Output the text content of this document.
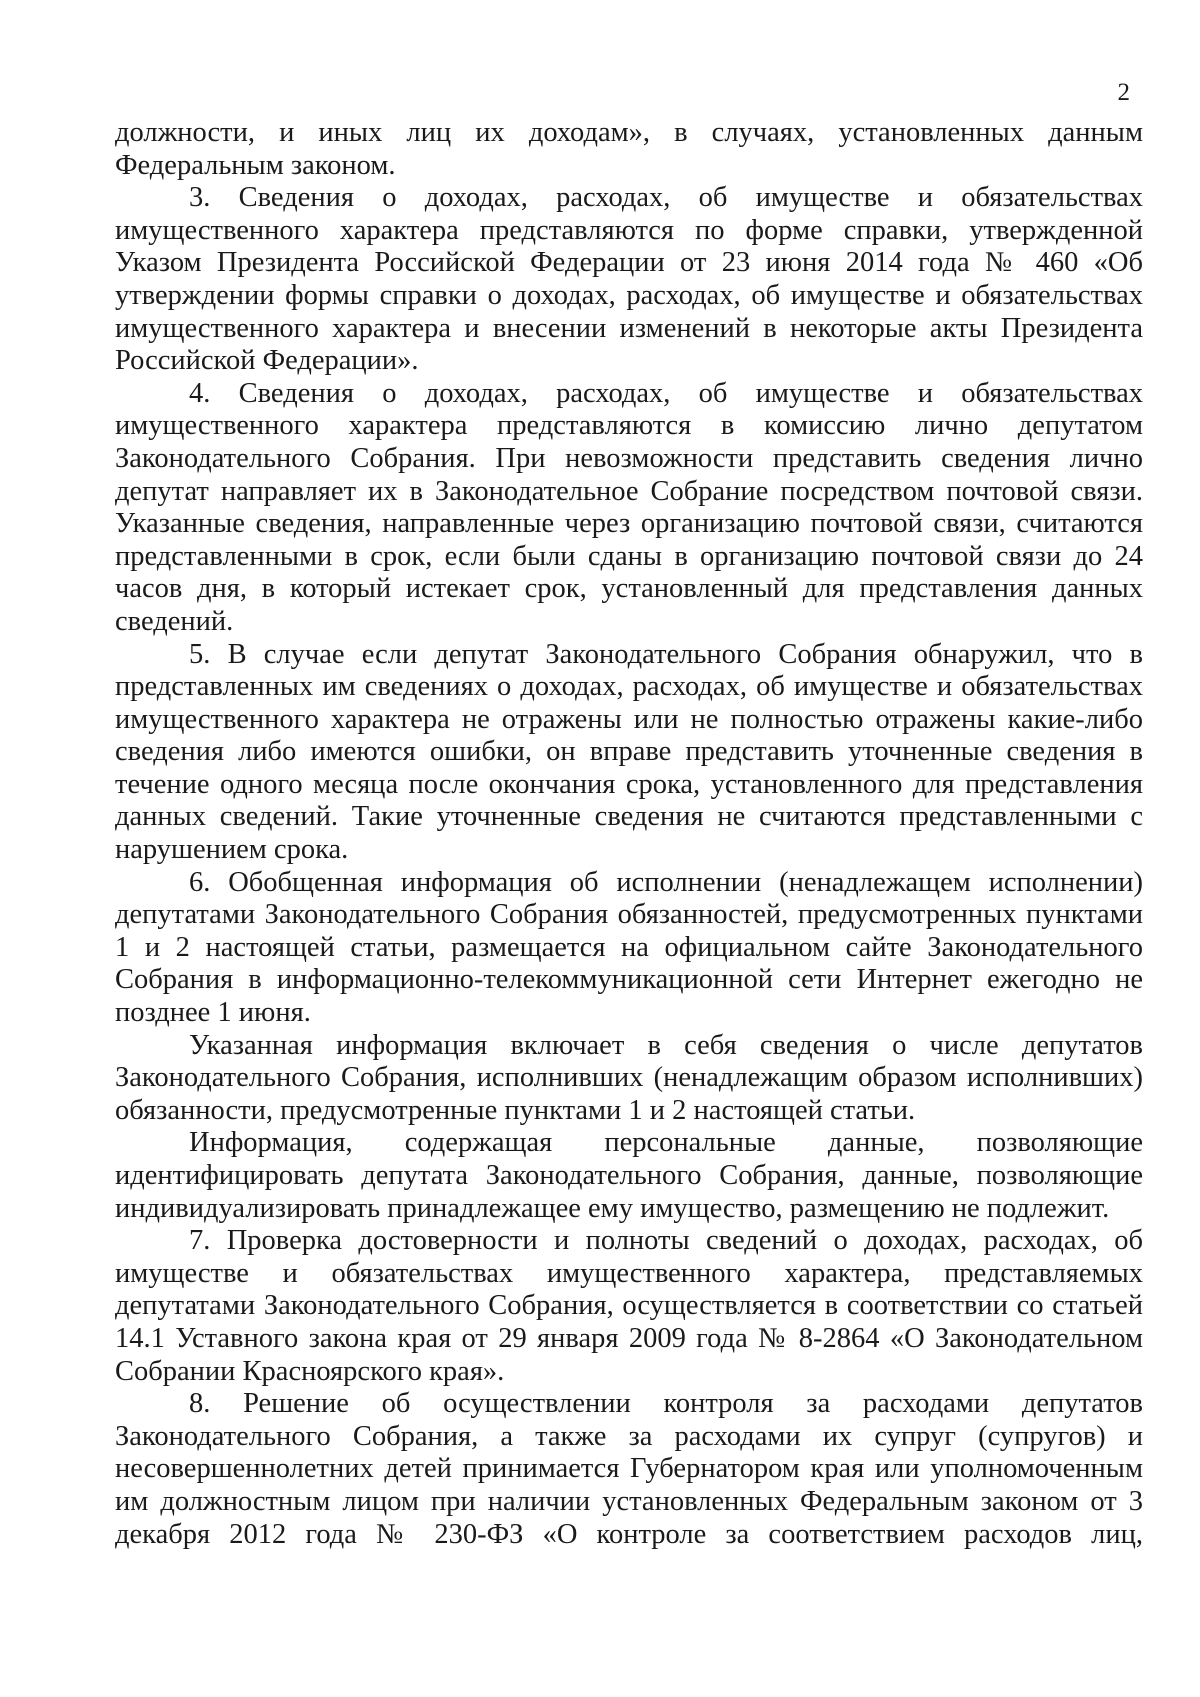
2

должности, и иных лиц их доходам», в случаях, установленных данным Федеральным законом.

3. Сведения о доходах, расходах, об имуществе и обязательствах имущественного характера представляются по форме справки, утвержденной Указом Президента Российской Федерации от 23 июня 2014 года № 460 «Об утверждении формы справки о доходах, расходах, об имуществе и обязательствах имущественного характера и внесении изменений в некоторые акты Президента Российской Федерации».

4. Сведения о доходах, расходах, об имуществе и обязательствах имущественного характера представляются в комиссию лично депутатом Законодательного Собрания. При невозможности представить сведения лично депутат направляет их в Законодательное Собрание посредством почтовой связи. Указанные сведения, направленные через организацию почтовой связи, считаются представленными в срок, если были сданы в организацию почтовой связи до 24 часов дня, в который истекает срок, установленный для представления данных сведений.

5. В случае если депутат Законодательного Собрания обнаружил, что в представленных им сведениях о доходах, расходах, об имуществе и обязательствах имущественного характера не отражены или не полностью отражены какие-либо сведения либо имеются ошибки, он вправе представить уточненные сведения в течение одного месяца после окончания срока, установленного для представления данных сведений. Такие уточненные сведения не считаются представленными с нарушением срока.

6. Обобщенная информация об исполнении (ненадлежащем исполнении) депутатами Законодательного Собрания обязанностей, предусмотренных пунктами 1 и 2 настоящей статьи, размещается на официальном сайте Законодательного Собрания в информационно-телекоммуникационной сети Интернет ежегодно не позднее 1 июня.

Указанная информация включает в себя сведения о числе депутатов Законодательного Собрания, исполнивших (ненадлежащим образом исполнивших) обязанности, предусмотренные пунктами 1 и 2 настоящей статьи.

Информация, содержащая персональные данные, позволяющие идентифицировать депутата Законодательного Собрания, данные, позволяющие индивидуализировать принадлежащее ему имущество, размещению не подлежит.

7. Проверка достоверности и полноты сведений о доходах, расходах, об имуществе и обязательствах имущественного характера, представляемых депутатами Законодательного Собрания, осуществляется в соответствии со статьей 14.1 Уставного закона края от 29 января 2009 года № 8-2864 «О Законодательном Собрании Красноярского края».

8. Решение об осуществлении контроля за расходами депутатов Законодательного Собрания, а также за расходами их супруг (супругов) и несовершеннолетних детей принимается Губернатором края или уполномоченным им должностным лицом при наличии установленных Федеральным законом от 3 декабря 2012 года № 230-ФЗ «О контроле за соответствием расходов лиц,
